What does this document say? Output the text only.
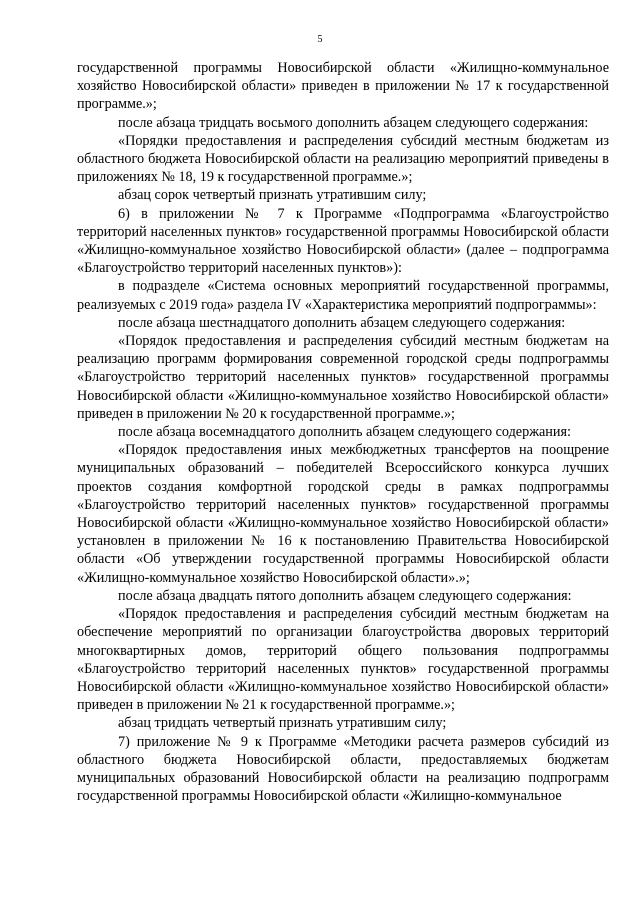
5

государственной программы Новосибирской области «Жилищно-коммунальное хозяйство Новосибирской области» приведен в приложении № 17 к государственной программе.»;

после абзаца тридцать восьмого дополнить абзацем следующего содержания:

«Порядки предоставления и распределения субсидий местным бюджетам из областного бюджета Новосибирской области на реализацию мероприятий приведены в приложениях № 18, 19 к государственной программе.»;

абзац сорок четвертый признать утратившим силу;

6) в приложении № 7 к Программе «Подпрограмма «Благоустройство территорий населенных пунктов» государственной программы Новосибирской области «Жилищно-коммунальное хозяйство Новосибирской области» (далее – подпрограмма «Благоустройство территорий населенных пунктов»):

в подразделе «Система основных мероприятий государственной программы, реализуемых с 2019 года» раздела IV «Характеристика мероприятий подпрограммы»:

после абзаца шестнадцатого дополнить абзацем следующего содержания:

«Порядок предоставления и распределения субсидий местным бюджетам на реализацию программ формирования современной городской среды подпрограммы «Благоустройство территорий населенных пунктов» государственной программы Новосибирской области «Жилищно-коммунальное хозяйство Новосибирской области» приведен в приложении № 20 к государственной программе.»;

после абзаца восемнадцатого дополнить абзацем следующего содержания:

«Порядок предоставления иных межбюджетных трансфертов на поощрение муниципальных образований – победителей Всероссийского конкурса лучших проектов создания комфортной городской среды в рамках подпрограммы «Благоустройство территорий населенных пунктов» государственной программы Новосибирской области «Жилищно-коммунальное хозяйство Новосибирской области» установлен в приложении № 16 к постановлению Правительства Новосибирской области «Об утверждении государственной программы Новосибирской области «Жилищно-коммунальное хозяйство Новосибирской области».»;

после абзаца двадцать пятого дополнить абзацем следующего содержания:

«Порядок предоставления и распределения субсидий местным бюджетам на обеспечение мероприятий по организации благоустройства дворовых территорий многоквартирных домов, территорий общего пользования подпрограммы «Благоустройство территорий населенных пунктов» государственной программы Новосибирской области «Жилищно-коммунальное хозяйство Новосибирской области» приведен в приложении № 21 к государственной программе.»;

абзац тридцать четвертый признать утратившим силу;

7) приложение № 9 к Программе «Методики расчета размеров субсидий из областного бюджета Новосибирской области, предоставляемых бюджетам муниципальных образований Новосибирской области на реализацию подпрограмм государственной программы Новосибирской области «Жилищно-коммунальное
